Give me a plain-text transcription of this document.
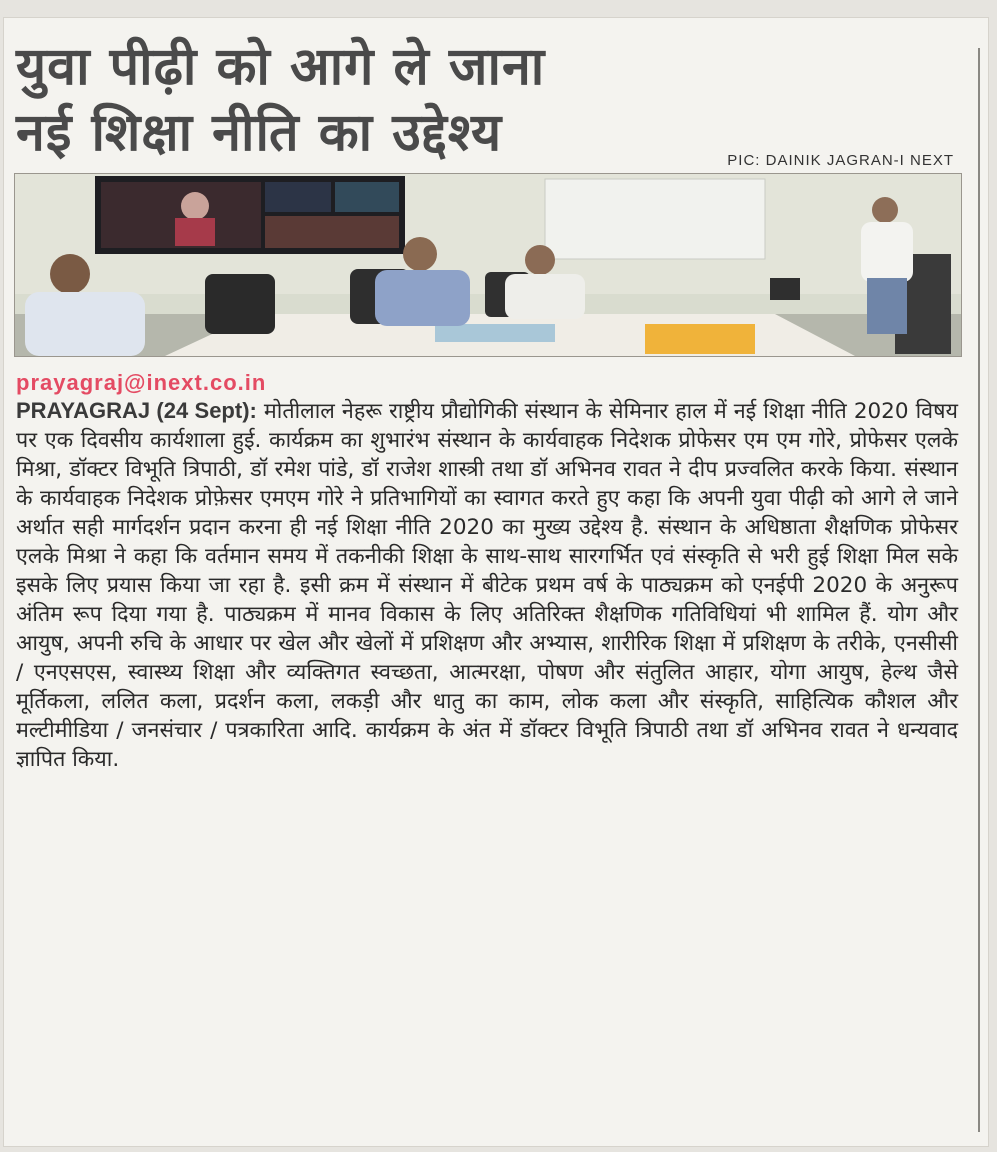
युवा पीढ़ी को आगे ले जाना
नई शिक्षा नीति का उद्देश्य	PIC: DAINIK JAGRAN-I NEXT
prayagraj@inext.co.in
PRAYAGRAJ (24 Sept): मोतीलाल नेहरू राष्ट्रीय प्रौद्योगिकी संस्थान के सेमिनार हाल में नई शिक्षा नीति 2020 विषय पर एक दिवसीय कार्यशाला हुई. कार्यक्रम का शुभारंभ संस्थान के कार्यवाहक निदेशक प्रोफेसर एम एम गोरे, प्रोफेसर एलके मिश्रा, डॉक्टर विभूति त्रिपाठी, डॉ रमेश पांडे, डॉ राजेश शास्त्री तथा डॉ अभिनव रावत ने दीप प्रज्वलित करके किया. संस्थान के कार्यवाहक निदेशक प्रोफ़ेसर एमएम गोरे ने प्रतिभागियों का स्वागत करते हुए कहा कि अपनी युवा पीढ़ी को आगे ले जाने अर्थात सही मार्गदर्शन प्रदान करना ही नई शिक्षा नीति 2020 का मुख्य उद्देश्य है. संस्थान के अधिष्ठाता शैक्षणिक प्रोफेसर एलके मिश्रा ने कहा कि वर्तमान समय में तकनीकी शिक्षा के साथ-साथ सारगर्भित एवं संस्कृति से भरी हुई शिक्षा मिल सके इसके लिए प्रयास किया जा रहा है. इसी क्रम में संस्थान में बीटेक प्रथम वर्ष के पाठ्यक्रम को एनईपी 2020 के अनुरूप अंतिम रूप दिया गया है. पाठ्यक्रम में मानव विकास के लिए अतिरिक्त शैक्षणिक गतिविधियां भी शामिल हैं. योग और आयुष, अपनी रुचि के आधार पर खेल और खेलों में प्रशिक्षण और अभ्यास, शारीरिक शिक्षा में प्रशिक्षण के तरीके, एनसीसी / एनएसएस, स्वास्थ्य शिक्षा और व्यक्तिगत स्वच्छता, आत्मरक्षा, पोषण और संतुलित आहार, योगा आयुष, हेल्थ जैसे मूर्तिकला, ललित कला, प्रदर्शन कला, लकड़ी और धातु का काम, लोक कला और संस्कृति, साहित्यिक कौशल और मल्टीमीडिया / जनसंचार / पत्रकारिता आदि. कार्यक्रम के अंत में डॉक्टर विभूति त्रिपाठी तथा डॉ अभिनव रावत ने धन्यवाद ज्ञापित किया.
